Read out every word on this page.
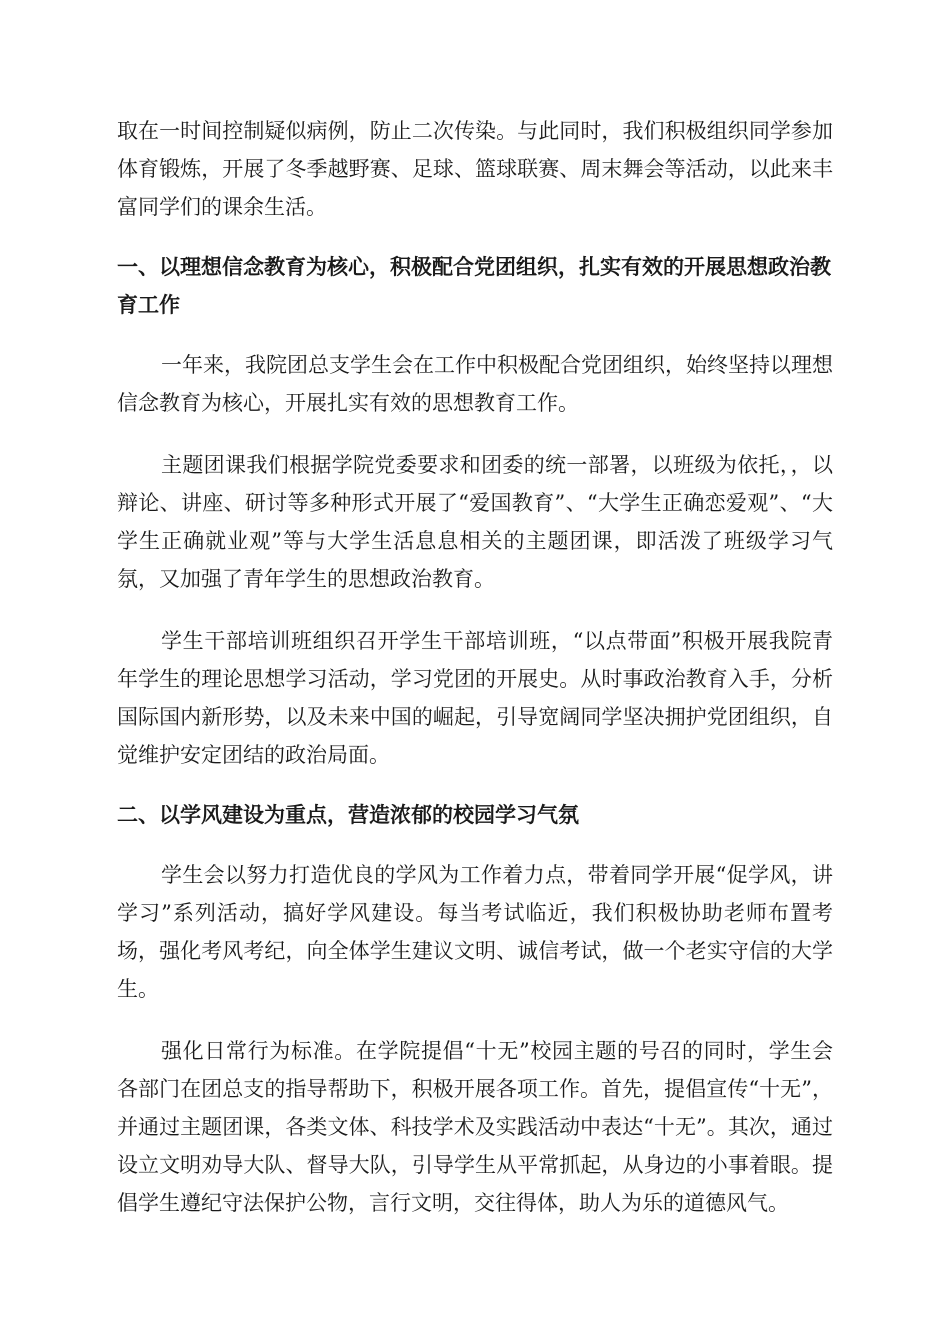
取在一时间控制疑似病例，防止二次传染。与此同时，我们积极组织同学参加体育锻炼，开展了冬季越野赛、足球、篮球联赛、周末舞会等活动，以此来丰富同学们的课余生活。

一、以理想信念教育为核心，积极配合党团组织，扎实有效的开展思想政治教育工作

一年来，我院团总支学生会在工作中积极配合党团组织，始终坚持以理想信念教育为核心，开展扎实有效的思想教育工作。

主题团课我们根据学院党委要求和团委的统一部署，以班级为依托，，以辩论、讲座、研讨等多种形式开展了“爱国教育”、“大学生正确恋爱观”、“大学生正确就业观”等与大学生活息息相关的主题团课，即活泼了班级学习气氛，又加强了青年学生的思想政治教育。

学生干部培训班组织召开学生干部培训班，“以点带面”积极开展我院青年学生的理论思想学习活动，学习党团的开展史。从时事政治教育入手，分析国际国内新形势，以及未来中国的崛起，引导宽阔同学坚决拥护党团组织，自觉维护安定团结的政治局面。

二、以学风建设为重点，营造浓郁的校园学习气氛

学生会以努力打造优良的学风为工作着力点，带着同学开展“促学风，讲学习”系列活动，搞好学风建设。每当考试临近，我们积极协助老师布置考场，强化考风考纪，向全体学生建议文明、诚信考试，做一个老实守信的大学生。

强化日常行为标准。在学院提倡“十无”校园主题的号召的同时，学生会各部门在团总支的指导帮助下，积极开展各项工作。首先，提倡宣传“十无”，并通过主题团课，各类文体、科技学术及实践活动中表达“十无”。其次，通过设立文明劝导大队、督导大队，引导学生从平常抓起，从身边的小事着眼。提倡学生遵纪守法保护公物，言行文明，交往得体，助人为乐的道德风气。
